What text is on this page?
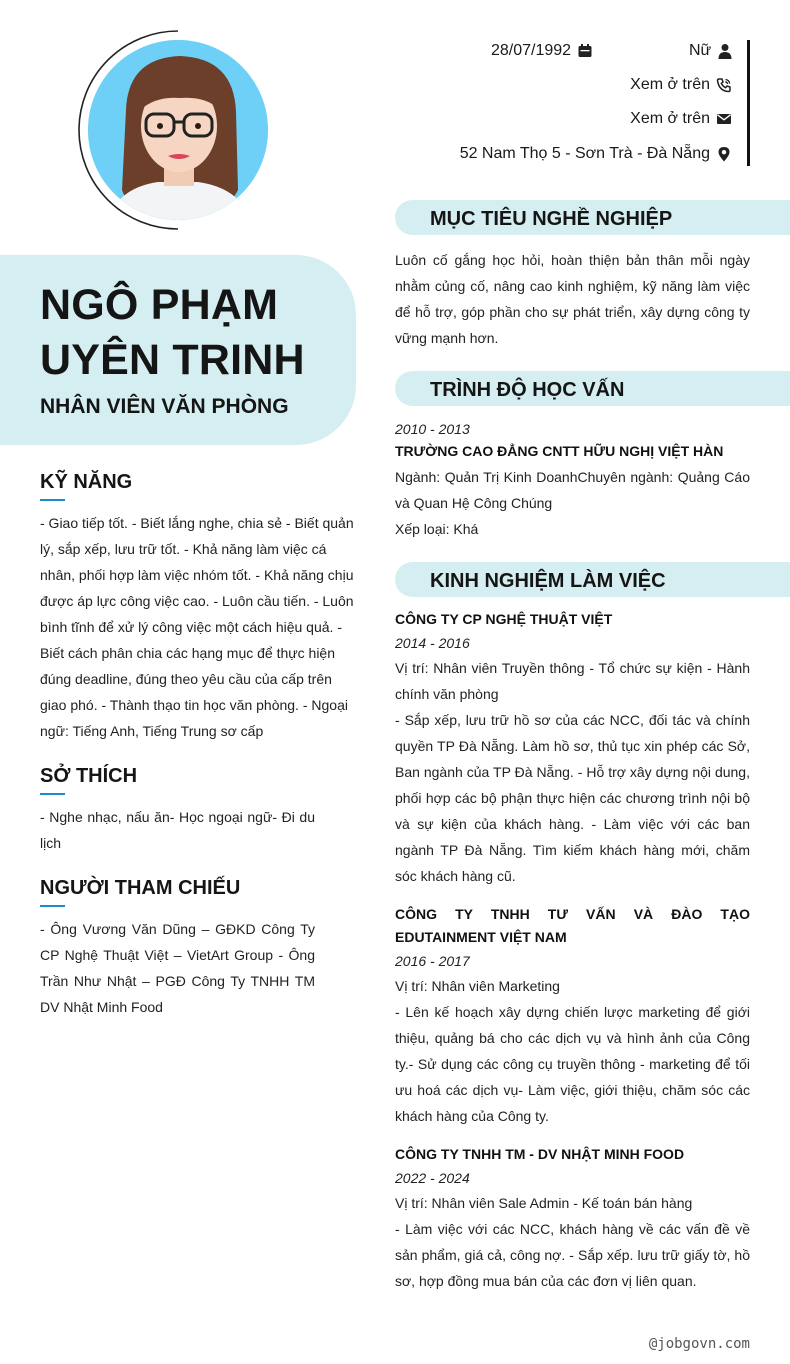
NGÔ PHẠM UYÊN TRINH
NHÂN VIÊN VĂN PHÒNG
KỸ NĂNG
- Giao tiếp tốt. - Biết lắng nghe, chia sẻ - Biết quản lý, sắp xếp, lưu trữ tốt. - Khả năng làm việc cá nhân, phối hợp làm việc nhóm tốt. - Khả năng chịu được áp lực công việc cao. - Luôn cầu tiến. - Luôn bình tĩnh để xử lý công việc một cách hiệu quả. - Biết cách phân chia các hạng mục để thực hiện đúng deadline, đúng theo yêu cầu của cấp trên giao phó. - Thành thạo tin học văn phòng. - Ngoại ngữ: Tiếng Anh, Tiếng Trung sơ cấp
SỞ THÍCH
- Nghe nhạc, nấu ăn- Học ngoại ngữ- Đi du lịch
NGƯỜI THAM CHIẾU
- Ông Vương Văn Dũng – GĐKD Công Ty CP Nghệ Thuật Việt – VietArt Group - Ông Trần Như Nhật – PGĐ Công Ty TNHH TM DV Nhật Minh Food
28/07/1992	Nữ
Xem ở trên
Xem ở trên
52 Nam Thọ 5 - Sơn Trà - Đà Nẵng
MỤC TIÊU NGHỀ NGHIỆP
Luôn cố gắng học hỏi, hoàn thiện bản thân mỗi ngày nhằm củng cố, nâng cao kinh nghiệm, kỹ năng làm việc để hỗ trợ, góp phần cho sự phát triển, xây dựng công ty vững mạnh hơn.
TRÌNH ĐỘ HỌC VẤN
2010 - 2013
TRƯỜNG CAO ĐẲNG CNTT HỮU NGHỊ VIỆT HÀN
Ngành: Quản Trị Kinh DoanhChuyên ngành: Quảng Cáo và Quan Hệ Công Chúng
Xếp loại: Khá
KINH NGHIỆM LÀM VIỆC
CÔNG TY CP NGHỆ THUẬT VIỆT
2014 - 2016
Vị trí: Nhân viên Truyền thông - Tổ chức sự kiện - Hành chính văn phòng
- Sắp xếp, lưu trữ hồ sơ của các NCC, đối tác và chính quyền TP Đà Nẵng. Làm hồ sơ, thủ tục xin phép các Sở, Ban ngành của TP Đà Nẵng. - Hỗ trợ xây dựng nội dung, phối hợp các bộ phận thực hiện các chương trình nội bộ và sự kiện của khách hàng. - Làm việc với các ban ngành TP Đà Nẵng. Tìm kiếm khách hàng mới, chăm sóc khách hàng cũ.
CÔNG TY TNHH TƯ VẤN VÀ ĐÀO TẠO EDUTAINMENT VIỆT NAM
2016 - 2017
Vị trí: Nhân viên Marketing
- Lên kế hoạch xây dựng chiến lược marketing để giới thiệu, quảng bá cho các dịch vụ và hình ảnh của Công ty.- Sử dụng các công cụ truyền thông - marketing để tối ưu hoá các dịch vụ- Làm việc, giới thiệu, chăm sóc các khách hàng của Công ty.
CÔNG TY TNHH TM - DV NHẬT MINH FOOD
2022 - 2024
Vị trí: Nhân viên Sale Admin - Kế toán bán hàng
- Làm việc với các NCC, khách hàng về các vấn đề về sản phẩm, giá cả, công nợ. - Sắp xếp. lưu trữ giấy tờ, hồ sơ, hợp đồng mua bán của các đơn vị liên quan.
@jobgovn.com
